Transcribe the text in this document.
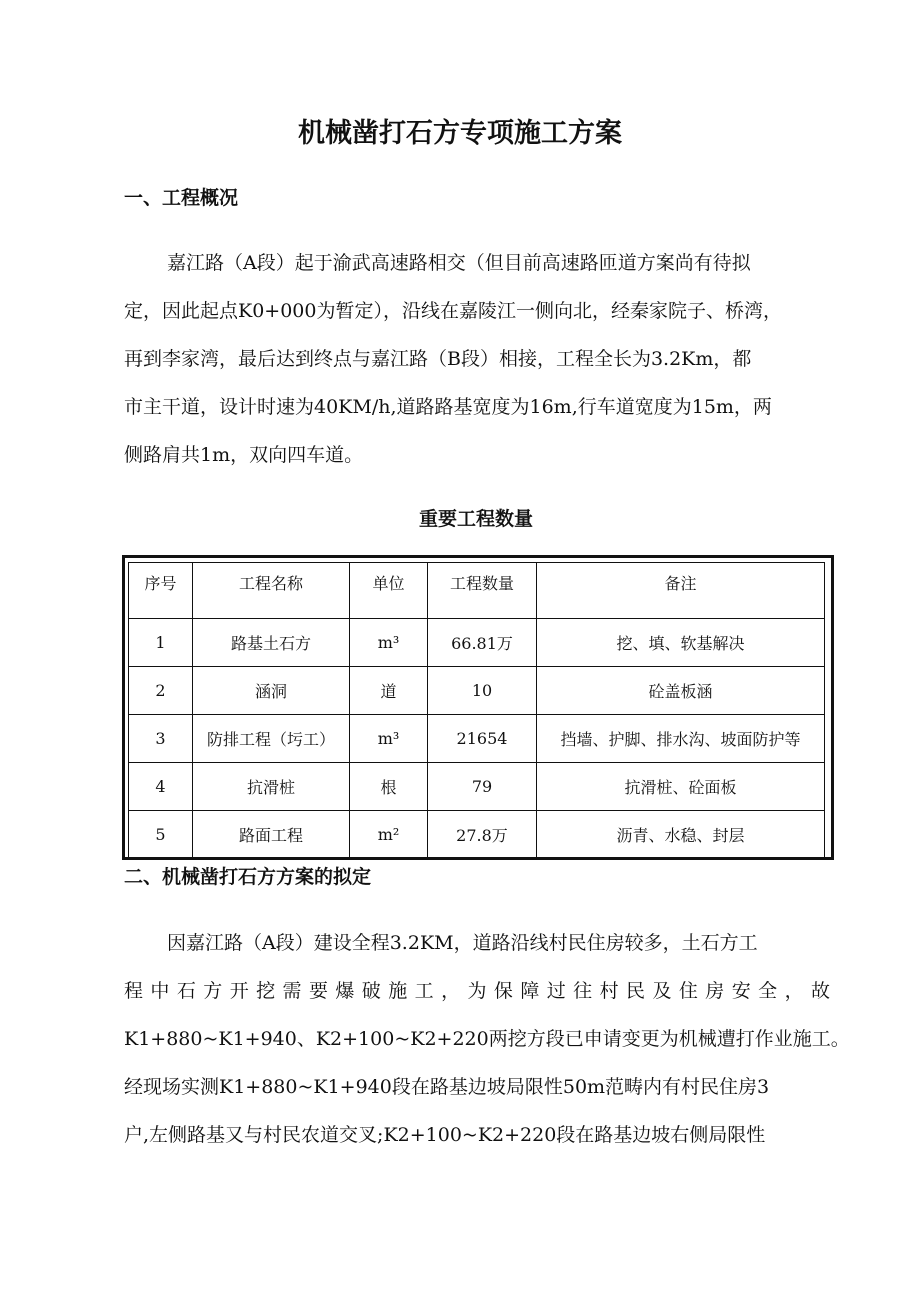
机械凿打石方专项施工方案
一、工程概况
嘉江路（A段）起于渝武高速路相交（但目前高速路匝道方案尚有待拟
定，因此起点K0+000为暂定），沿线在嘉陵江一侧向北，经秦家院子、桥湾，
再到李家湾，最后达到终点与嘉江路（B段）相接，工程全长为3.2Km，都
市主干道，设计时速为40KM/h,道路路基宽度为16m,行车道宽度为15m，两
侧路肩共1m，双向四车道。
重要工程数量
序号	工程名称	单位	工程数量	备注
1	路基土石方	m³	66.81万	挖、填、软基解决
2	涵洞	道	10	砼盖板涵
3	防排工程（圬工）	m³	21654	挡墙、护脚、排水沟、坡面防护等
4	抗滑桩	根	79	抗滑桩、砼面板
5	路面工程	m²	27.8万	沥青、水稳、封层
二、机械凿打石方方案的拟定
因嘉江路（A段）建设全程3.2KM，道路沿线村民住房较多，土石方工
程中石方开挖需要爆破施工，为保障过往村民及住房安全，故
K1+880~K1+940、K2+100~K2+220两挖方段已申请变更为机械遭打作业施工。
经现场实测K1+880~K1+940段在路基边坡局限性50m范畴内有村民住房3
户,左侧路基又与村民农道交叉;K2+100~K2+220段在路基边坡右侧局限性
